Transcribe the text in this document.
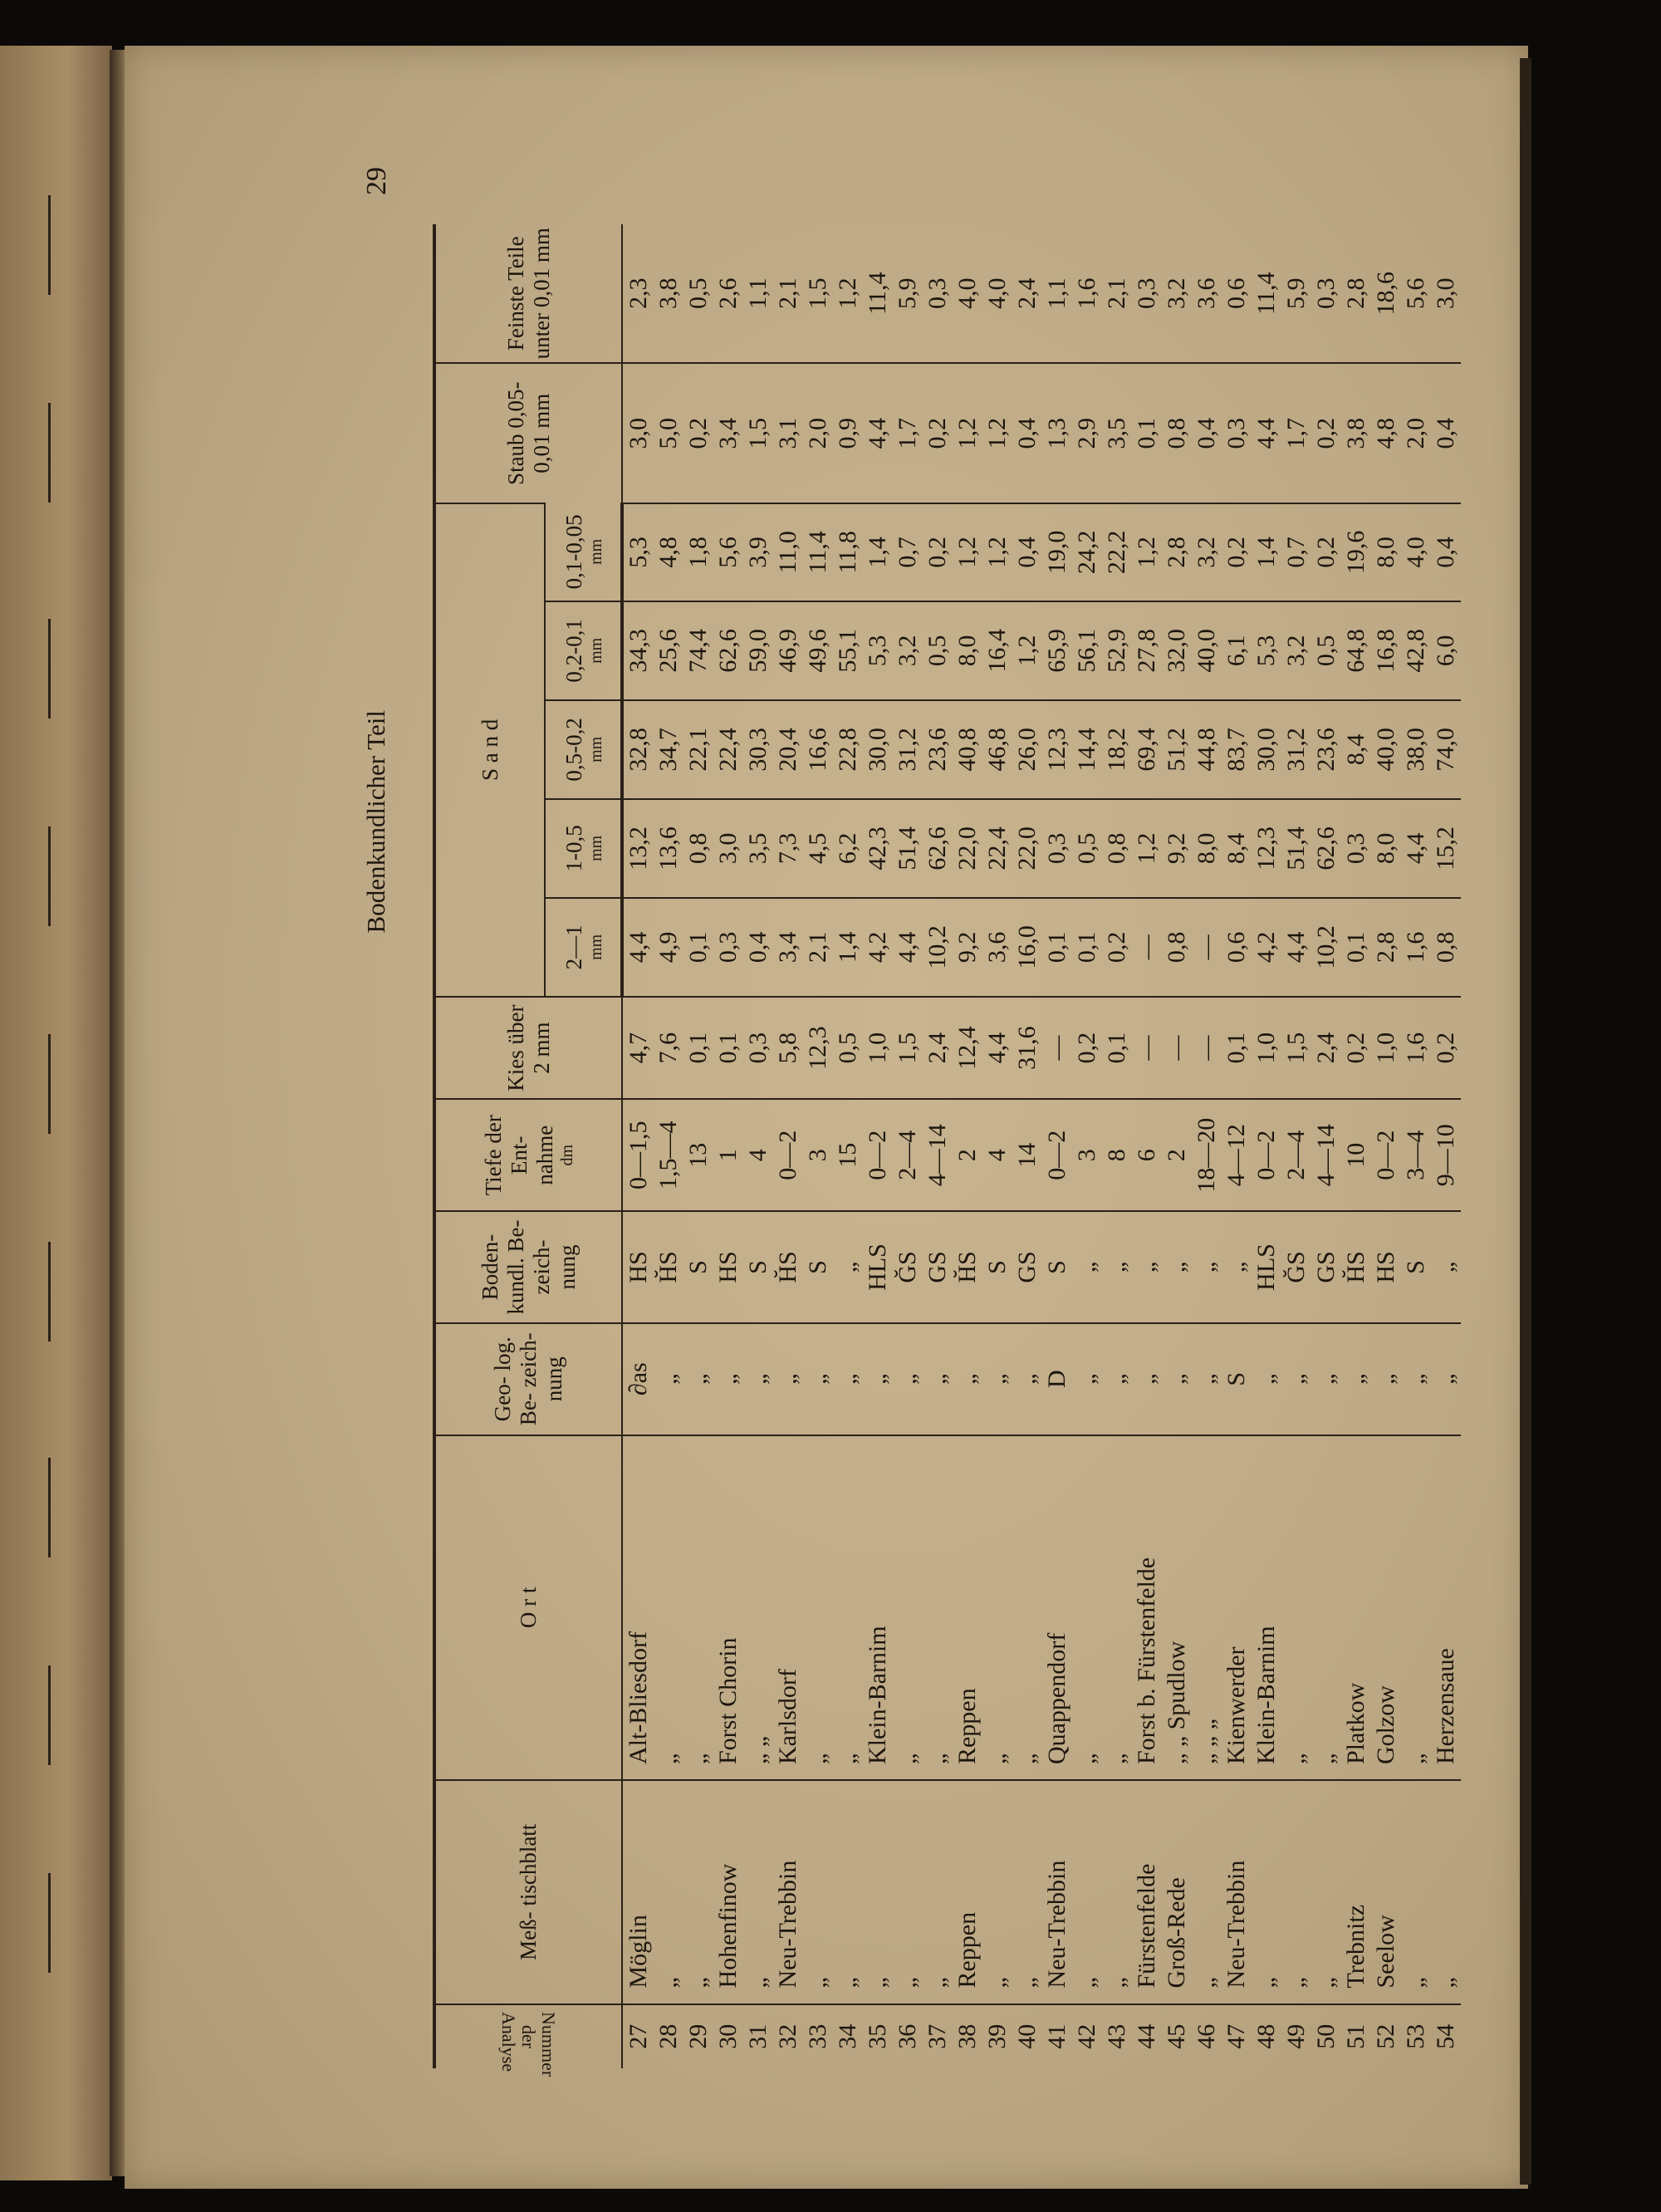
Bodenkundlicher Teil
29
Nummer der Analyse	Meß- tischblatt	O r t	Geo- log. Be- zeich- nung	Boden- kundl. Be- zeich- nung	Tiefe der Ent- nahme dm	Kies über 2 mm	S a n d					Staub 0,05-0,01 mm	Feinste Teile unter 0,01 mm
							2—1 mm	1-0,5 mm	0,5-0,2 mm	0,2-0,1 mm	0,1-0,05 mm		

27	Möglin	Alt-Bliesdorf	∂as	HS	0—1,5	4,7	4,4	13,2	32,8	34,3	5,3	3,0	2,3
28	„	„	„	H̆S	1,5—4	7,6	4,9	13,6	34,7	25,6	4,8	5,0	3,8
29	„	„	„	S	13	0,1	0,1	0,8	22,1	74,4	1,8	0,2	0,5
30	Hohenfinow	Forst Chorin	„	HS	1	0,1	0,3	3,0	22,4	62,6	5,6	3,4	2,6
31	„	„ „	„	S	4	0,3	0,4	3,5	30,3	59,0	3,9	1,5	1,1
32	Neu-Trebbin	Karlsdorf	„	H̆S	0—2	5,8	3,4	7,3	20,4	46,9	11,0	3,1	2,1
33	„	„	„	S	3	12,3	2,1	4,5	16,6	49,6	11,4	2,0	1,5
34	„	„	„	„	15	0,5	1,4	6,2	22,8	55,1	11,8	0,9	1,2
35	„	Klein-Barnim	„	HLS	0—2	1,0	4,2	42,3	30,0	5,3	1,4	4,4	11,4
36	„	„	„	ĞS	2—4	1,5	4,4	51,4	31,2	3,2	0,7	1,7	5,9
37	„	„	„	GS	4—14	2,4	10,2	62,6	23,6	0,5	0,2	0,2	0,3
38	Reppen	Reppen	„	H̆S	2	12,4	9,2	22,0	40,8	8,0	1,2	1,2	4,0
39	„	„	„	S	4	4,4	3,6	22,4	46,8	16,4	1,2	1,2	4,0
40	„	„	„	GS	14	31,6	16,0	22,0	26,0	1,2	0,4	0,4	2,4
41	Neu-Trebbin	Quappendorf	D	S	0—2	—	0,1	0,3	12,3	65,9	19,0	1,3	1,1
42	„	„	„	„	3	0,2	0,1	0,5	14,4	56,1	24,2	2,9	1,6
43	„	„	„	„	8	0,1	0,2	0,8	18,2	52,9	22,2	3,5	2,1
44	Fürstenfelde	Forst b. Fürstenfelde	„	„	6	—	—	1,2	69,4	27,8	1,2	0,1	0,3
45	Groß-Rede	„ „ Spudlow	„	„	2	—	0,8	9,2	51,2	32,0	2,8	0,8	3,2
46	„	„ „ „	„	„	18—20	—	—	8,0	44,8	40,0	3,2	0,4	3,6
47	Neu-Trebbin	Kienwerder	S	„	4—12	0,1	0,6	8,4	83,7	6,1	0,2	0,3	0,6
48	„	Klein-Barnim	„	HLS	0—2	1,0	4,2	12,3	30,0	5,3	1,4	4,4	11,4
49	„	„	„	ĞS	2—4	1,5	4,4	51,4	31,2	3,2	0,7	1,7	5,9
50	„	„	„	GS	4—14	2,4	10,2	62,6	23,6	0,5	0,2	0,2	0,3
51	Trebnitz	Platkow	„	H̆S	10	0,2	0,1	0,3	8,4	64,8	19,6	3,8	2,8
52	Seelow	Golzow	„	HS	0—2	1,0	2,8	8,0	40,0	16,8	8,0	4,8	18,6
53	„	„	„	S	3—4	1,6	1,6	4,4	38,0	42,8	4,0	2,0	5,6
54	„	Herzensaue	„	„	9—10	0,2	0,8	15,2	74,0	6,0	0,4	0,4	3,0
